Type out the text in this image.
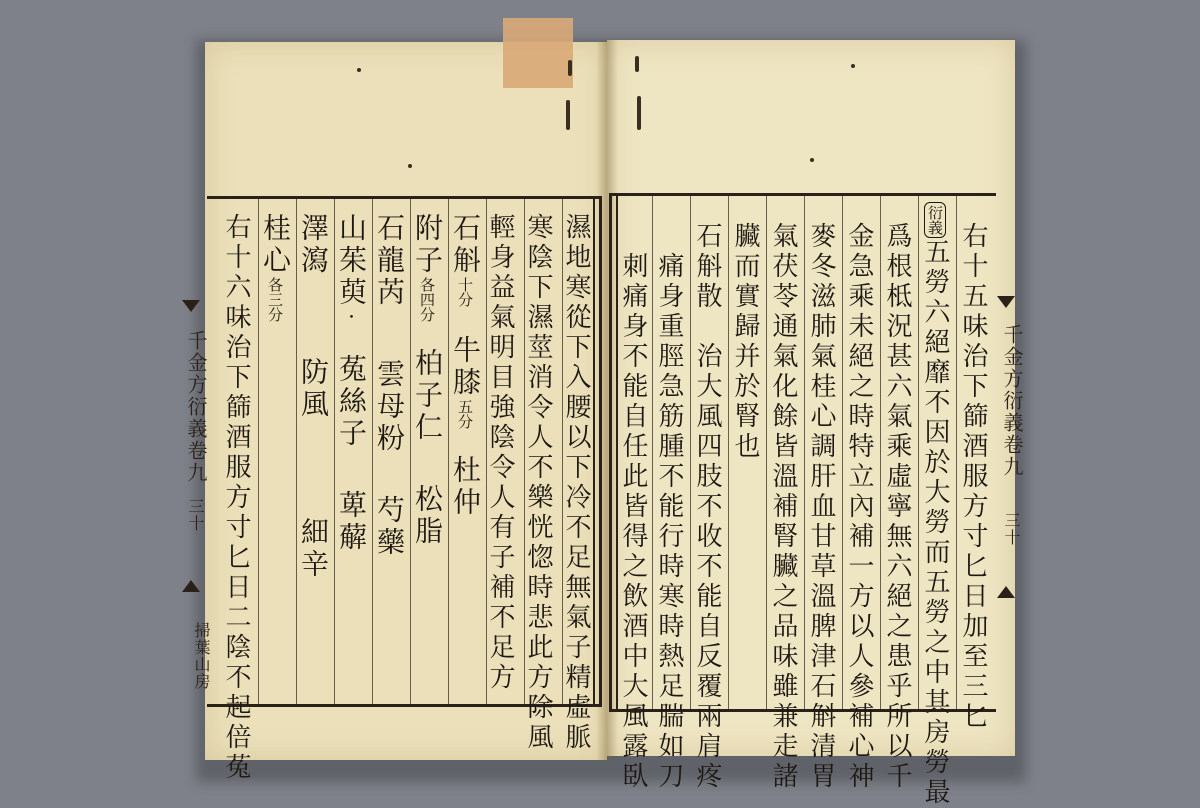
濕地寒從下入腰以下冷不足無氣子精虛脈
寒陰下濕莖消令人不樂恍惚時悲此方除風
輕身益氣明目強陰令人有子補不足方
石斛十分牛膝五分杜仲
附子各四分柏子仁松脂
石龍芮雲母粉芍藥
山茱萸・菟絲子萆薢
澤瀉防風細辛
桂心各三分
右十六味治下篩酒服方寸匕日二陰不起倍菟
千金方衍義卷九
三十
掃葉山房	右十五味治下篩酒服方寸匕日加至三匕
衍義五勞六絕靡不因於大勞而五勞之中其房勞最
爲根柢況甚六氣乘虛寧無六絕之患乎所以千
金急乘未絕之時特立內補一方以人參補心神
麥冬滋肺氣桂心調肝血甘草溫脾津石斛清胃
氣茯苓通氣化餘皆溫補腎臟之品味雖兼走諸
臟而實歸并於腎也
石斛散　治大風四肢不收不能自反覆兩肩疼
痛身重脛急筋腫不能行時寒時熱足腨如刀
刺痛身不能自任此皆得之飲酒中大風露臥	千金方衍義卷九
三十
